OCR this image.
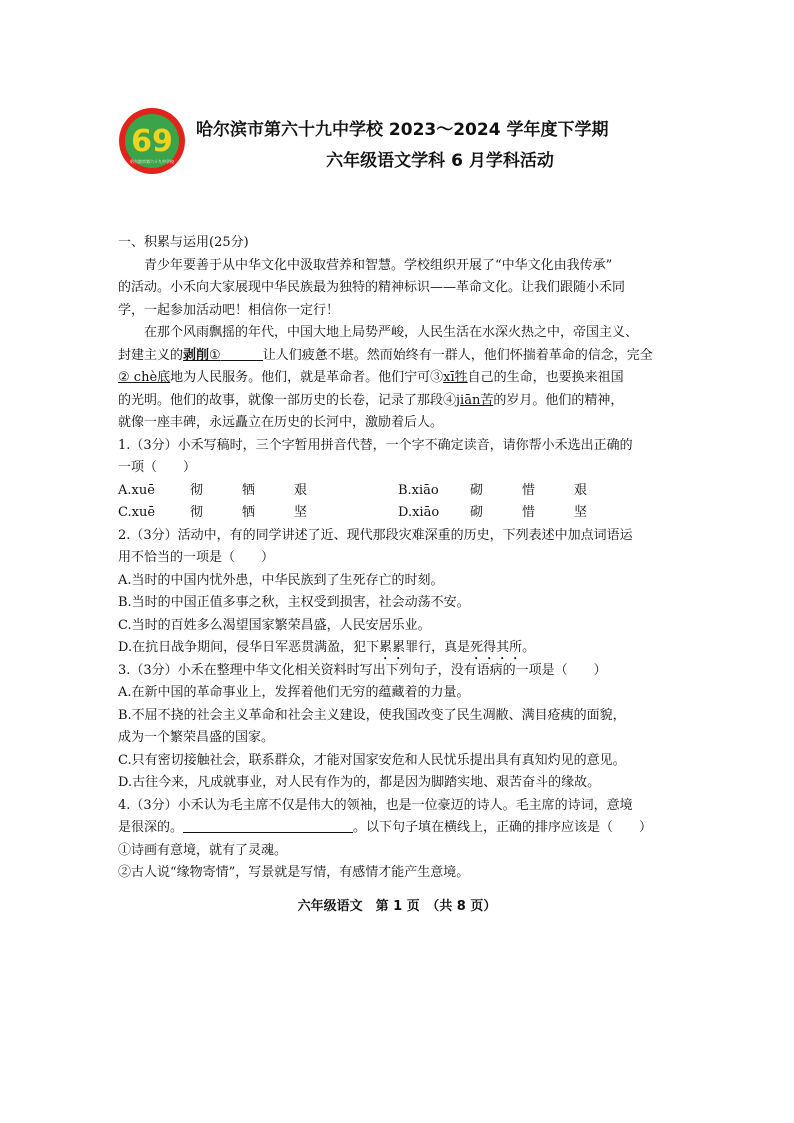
69
哈尔滨市第六十九中学校
哈尔滨市第六十九中学校 2023～2024 学年度下学期
六年级语文学科 6 月学科活动
一、积累与运用(25分)
青少年要善于从中华文化中汲取营养和智慧。学校组织开展了“中华文化由我传承”
的活动。小禾向大家展现中华民族最为独特的精神标识——革命文化。让我们跟随小禾同
学，一起参加活动吧！相信你一定行！
在那个风雨飘摇的年代，中国大地上局势严峻，人民生活在水深火热之中，帝国主义、
封建主义的剥削①	让人们疲惫不堪。然而始终有一群人，他们怀揣着革命的信念，完全
② chè底地为人民服务。他们，就是革命者。他们宁可③xī牲自己的生命，也要换来祖国
的光明。他们的故事，就像一部历史的长卷，记录了那段④jiān苦的岁月。他们的精神，
就像一座丰碑，永远矗立在历史的长河中，激励着后人。
1.（3分）小禾写稿时，三个字暂用拼音代替，一个字不确定读音，请你帮小禾选出正确的
一项（　　）
A.xuē	彻	牺	艰	B.xiāo	砌	惜	艰
C.xuē	彻	牺	坚	D.xiāo	砌	惜	坚
2.（3分）活动中，有的同学讲述了近、现代那段灾难深重的历史，下列表述中加点词语运
用不恰当的一项是（　　）
A.当时的中国内忧外患，中华民族到了生死存亡的时刻。
B.当时的中国正值多事之秋，主权受到损害，社会动荡不安。
C.当时的百姓多么渴望国家繁荣昌盛，人民安居乐业。
D.在抗日战争期间，侵华日军恶贯满盈，犯下累累罪行，真是死得其所。
3.（3分）小禾在整理中华文化相关资料时写出下列句子，没有语病的一项是（　　）
A.在新中国的革命事业上，发挥着他们无穷的蕴藏着的力量。
B.不屈不挠的社会主义革命和社会主义建设，使我国改变了民生凋敝、满目疮痍的面貌，
成为一个繁荣昌盛的国家。
C.只有密切接触社会，联系群众，才能对国家安危和人民忧乐提出具有真知灼见的意见。
D.古往今来，凡成就事业，对人民有作为的，都是因为脚踏实地、艰苦奋斗的缘故。
4.（3分）小禾认为毛主席不仅是伟大的领袖，也是一位豪迈的诗人。毛主席的诗词，意境
是很深的。	。以下句子填在横线上，正确的排序应该是（　　）
①诗画有意境，就有了灵魂。
②古人说“缘物寄情”，写景就是写情，有感情才能产生意境。
六年级语文　第 1 页　（共 8 页）
